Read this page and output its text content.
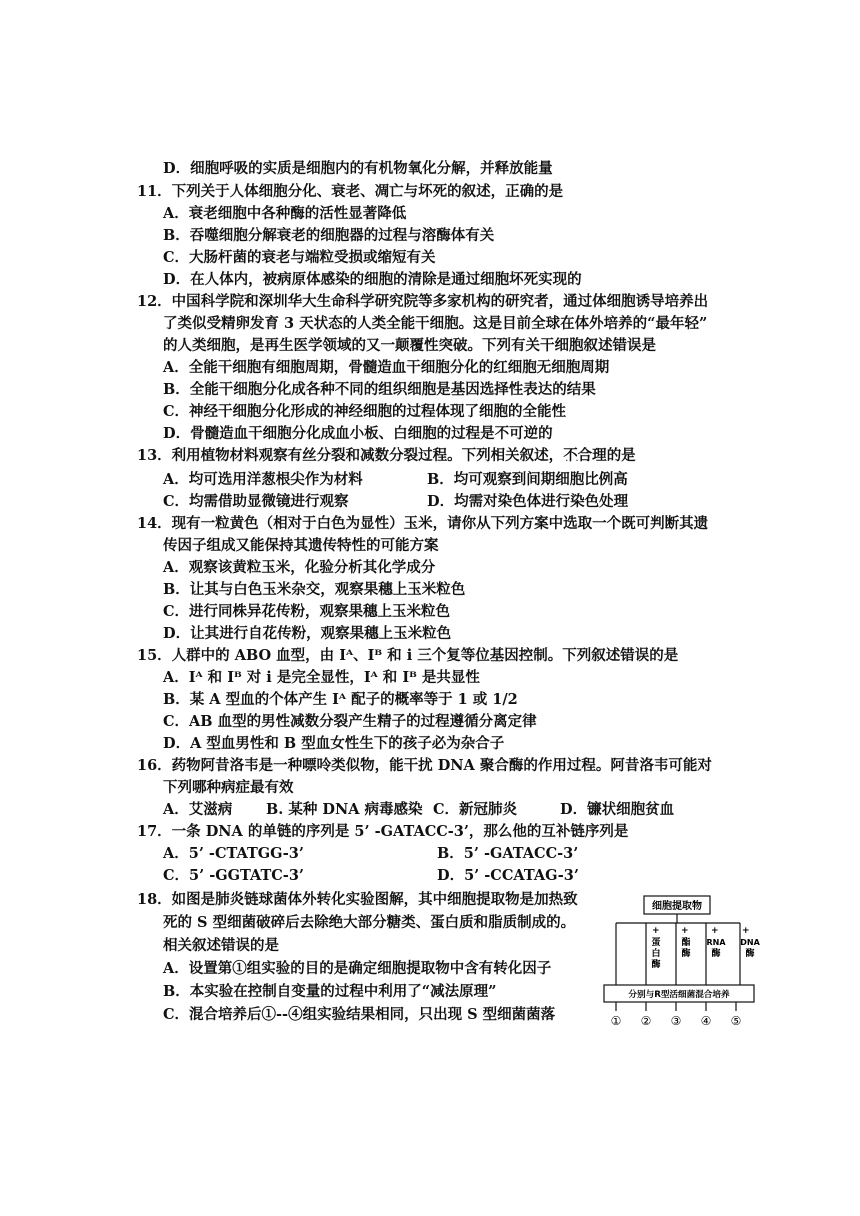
D．细胞呼吸的实质是细胞内的有机物氧化分解，并释放能量
11．下列关于人体细胞分化、衰老、凋亡与坏死的叙述，正确的是
A．衰老细胞中各种酶的活性显著降低
B．吞噬细胞分解衰老的细胞器的过程与溶酶体有关
C．大肠杆菌的衰老与端粒受损或缩短有关
D．在人体内，被病原体感染的细胞的清除是通过细胞坏死实现的
12．中国科学院和深圳华大生命科学研究院等多家机构的研究者，通过体细胞诱导培养出
了类似受精卵发育 3 天状态的人类全能干细胞。这是目前全球在体外培养的“最年轻”
的人类细胞，是再生医学领域的又一颠覆性突破。下列有关干细胞叙述错误是
A．全能干细胞有细胞周期，骨髓造血干细胞分化的红细胞无细胞周期
B．全能干细胞分化成各种不同的组织细胞是基因选择性表达的结果
C．神经干细胞分化形成的神经细胞的过程体现了细胞的全能性
D．骨髓造血干细胞分化成血小板、白细胞的过程是不可逆的
13．利用植物材料观察有丝分裂和减数分裂过程。下列相关叙述，不合理 · · ·的是
A．均可选用洋葱根尖作为材料	B．均可观察到间期细胞比例高
C．均需借助显微镜进行观察	D．均需对染色体进行染色处理
14．现有一粒黄色（相对于白色为显性）玉米，请你从下列方案中选取一个既可判断其遗
传因子组成又能保持其遗传特性的可能方案
A．观察该黄粒玉米，化验分析其化学成分
B．让其与白色玉米杂交，观察果穗上玉米粒色
C．进行同株异花传粉，观察果穗上玉米粒色
D．让其进行自花传粉，观察果穗上玉米粒色
15．人群中的 ABO 血型，由 Iᴬ、Iᴮ 和 i 三个复等位基因控制。下列叙述错误的是
A．Iᴬ 和 Iᴮ 对 i 是完全显性，Iᴬ 和 Iᴮ 是共显性
B．某 A 型血的个体产生 Iᴬ 配子的概率等于 1 或 1/2
C．AB 血型的男性减数分裂产生精子的过程遵循分离定律
D．A 型血男性和 B 型血女性生下的孩子必为杂合子
16．药物阿昔洛韦是一种嘌呤类似物，能干扰 DNA 聚合酶的作用过程。阿昔洛韦可能对
下列哪种病症最有效
A．艾滋病 B. 某种 DNA 病毒感染 C．新冠肺炎	D．镰状细胞贫血
17．一条 DNA 的单链的序列是 5’ -GATACC-3’，那么他的互补链序列是
A．5’ -CTATGG-3’	B．5’ -GATACC-3’
C．5’ -GGTATC-3’	D．5’ -CCATAG-3’
18．如图是肺炎链球菌体外转化实验图解，其中细胞提取物是加热致
死的 S 型细菌破碎后去除绝大部分糖类、蛋白质和脂质制成的。
相关叙述错误的是
A．设置第①组实验的目的是确定细胞提取物中含有转化因子
B．本实验在控制自变量的过程中利用了“减法原理”
C．混合培养后①--④组实验结果相同，只出现 S 型细菌菌落
细胞提取物
+
蛋
白
酶
+
酯
酶
+
RNA
酶
+
DNA
酶
分别与R型活细菌混合培养
① ② ③ ④ ⑤
